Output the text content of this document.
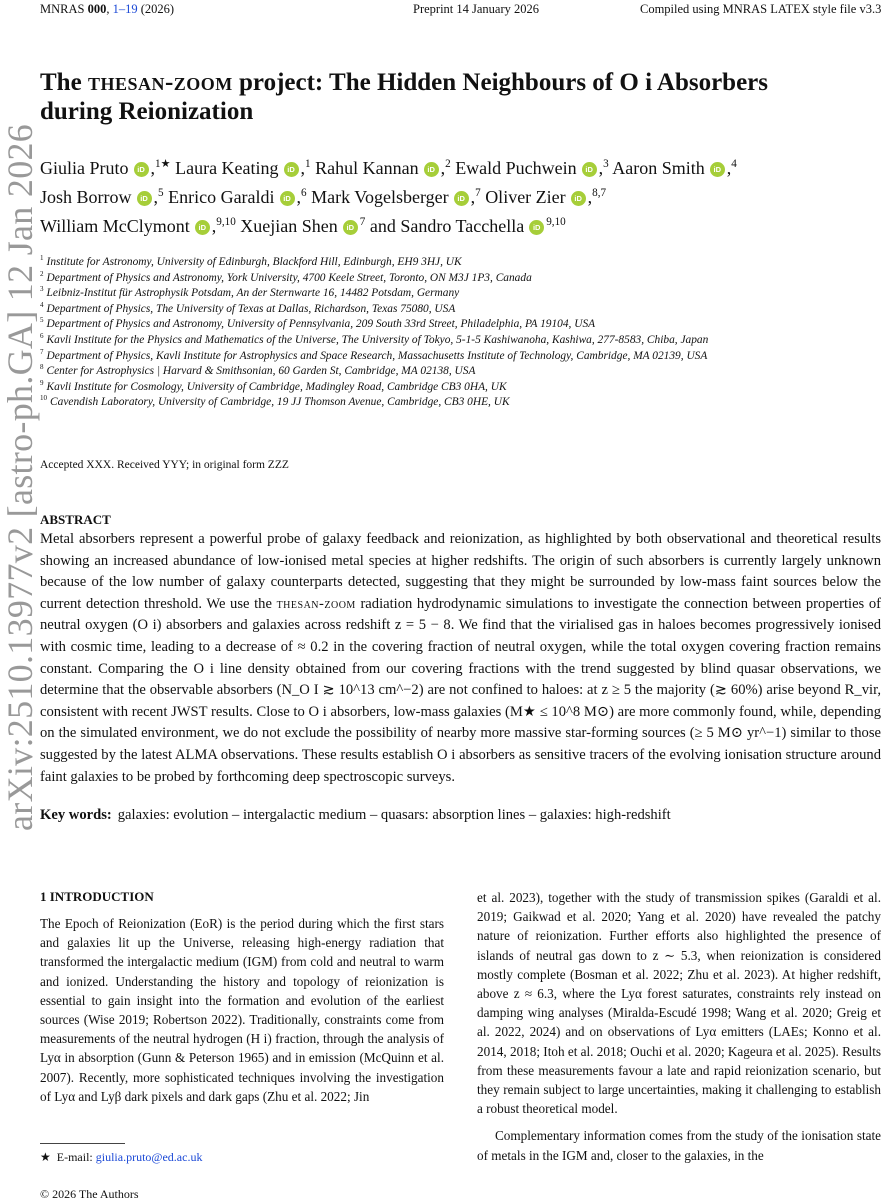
MNRAS 000, 1–19 (2026)	Preprint 14 January 2026	Compiled using MNRAS LATEX style file v3.3
arXiv:2510.13977v2 [astro-ph.GA] 12 Jan 2026
The thesan-zoom project: The Hidden Neighbours of O i Absorbers
during Reionization
Giulia Pruto iD ,$^{1★}$ Laura Keating iD ,$^1$ Rahul Kannan iD ,$^2$ Ewald Puchwein iD ,$^3$ Aaron Smith iD ,$^4$
Josh Borrow iD ,$^5$ Enrico Garaldi iD ,$^6$ Mark Vogelsberger iD ,$^7$ Oliver Zier iD ,$^{8,7}$
William McClymont iD ,$^{9,10}$ Xuejian Shen iD $^7$ and Sandro Tacchella iD $^{9,10}$
$^1$ Institute for Astronomy, University of Edinburgh, Blackford Hill, Edinburgh, EH9 3HJ, UK
$^2$ Department of Physics and Astronomy, York University, 4700 Keele Street, Toronto, ON M3J 1P3, Canada
$^3$ Leibniz-Institut für Astrophysik Potsdam, An der Sternwarte 16, 14482 Potsdam, Germany
$^4$ Department of Physics, The University of Texas at Dallas, Richardson, Texas 75080, USA
$^5$ Department of Physics and Astronomy, University of Pennsylvania, 209 South 33rd Street, Philadelphia, PA 19104, USA
$^6$ Kavli Institute for the Physics and Mathematics of the Universe, The University of Tokyo, 5-1-5 Kashiwanoha, Kashiwa, 277-8583, Chiba, Japan
$^7$ Department of Physics, Kavli Institute for Astrophysics and Space Research, Massachusetts Institute of Technology, Cambridge, MA 02139, USA
$^8$ Center for Astrophysics | Harvard & Smithsonian, 60 Garden St, Cambridge, MA 02138, USA
$^9$ Kavli Institute for Cosmology, University of Cambridge, Madingley Road, Cambridge CB3 0HA, UK
$^{10}$ Cavendish Laboratory, University of Cambridge, 19 JJ Thomson Avenue, Cambridge, CB3 0HE, UK
Accepted XXX. Received YYY; in original form ZZZ
ABSTRACT
Metal absorbers represent a powerful probe of galaxy feedback and reionization, as highlighted by both observational and theoretical results showing an increased abundance of low-ionised metal species at higher redshifts. The origin of such absorbers is currently largely unknown because of the low number of galaxy counterparts detected, suggesting that they might be surrounded by low-mass faint sources below the current detection threshold. We use the thesan-zoom radiation hydrodynamic simulations to investigate the connection between properties of neutral oxygen (O i) absorbers and galaxies across redshift z = 5 − 8. We find that the virialised gas in haloes becomes progressively ionised with cosmic time, leading to a decrease of ≈ 0.2 in the covering fraction of neutral oxygen, while the total oxygen covering fraction remains constant. Comparing the O i line density obtained from our covering fractions with the trend suggested by blind quasar observations, we determine that the observable absorbers (N_O I ≳ 10^13 cm^−2) are not confined to haloes: at z ≥ 5 the majority (≳ 60%) arise beyond R_vir, consistent with recent JWST results. Close to O i absorbers, low-mass galaxies (M★ ≤ 10^8 M⊙) are more commonly found, while, depending on the simulated environment, we do not exclude the possibility of nearby more massive star-forming sources (≥ 5 M⊙ yr^−1) similar to those suggested by the latest ALMA observations. These results establish O i absorbers as sensitive tracers of the evolving ionisation structure around faint galaxies to be probed by forthcoming deep spectroscopic surveys.
Key words: galaxies: evolution – intergalactic medium – quasars: absorption lines – galaxies: high-redshift
1 INTRODUCTION
The Epoch of Reionization (EoR) is the period during which the first stars and galaxies lit up the Universe, releasing high-energy radiation that transformed the intergalactic medium (IGM) from cold and neutral to warm and ionized. Understanding the history and topology of reionization is essential to gain insight into the formation and evolution of the earliest sources (Wise 2019; Robertson 2022). Traditionally, constraints come from measurements of the neutral hydrogen (H i) fraction, through the analysis of Lyα in absorption (Gunn & Peterson 1965) and in emission (McQuinn et al. 2007). Recently, more sophisticated techniques involving the investigation of Lyα and Lyβ dark pixels and dark gaps (Zhu et al. 2022; Jin

et al. 2023), together with the study of transmission spikes (Garaldi et al. 2019; Gaikwad et al. 2020; Yang et al. 2020) have revealed the patchy nature of reionization. Further efforts also highlighted the presence of islands of neutral gas down to z ∼ 5.3, when reionization is considered mostly complete (Bosman et al. 2022; Zhu et al. 2023). At higher redshift, above z ≈ 6.3, where the Lyα forest saturates, constraints rely instead on damping wing analyses (Miralda-Escudé 1998; Wang et al. 2020; Greig et al. 2022, 2024) and on observations of Lyα emitters (LAEs; Konno et al. 2014, 2018; Itoh et al. 2018; Ouchi et al. 2020; Kageura et al. 2025). Results from these measurements favour a late and rapid reionization scenario, but they remain subject to large uncertainties, making it challenging to establish a robust theoretical model.

Complementary information comes from the study of the ionisation state of metals in the IGM and, closer to the galaxies, in the

★ E-mail: giulia.pruto@ed.ac.uk
© 2026 The Authors
